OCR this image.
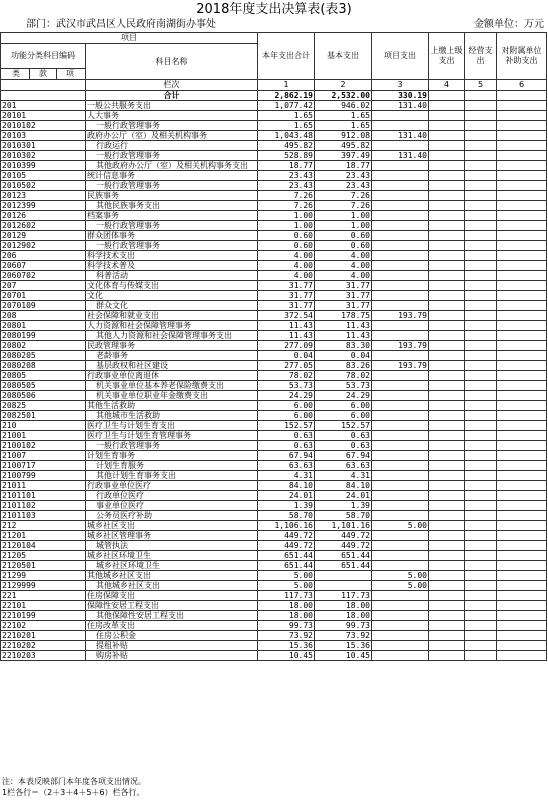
2018年度支出决算表(表3)
部门：武汉市武昌区人民政府南湖街办事处	金额单位：万元
项目		本年支出合计	基本支出	项目支出	上缴上级支出	经营支出	对附属单位补助支出
功能分类科目编码	科目名称						
类 款 项							
	栏次	1	2	3	4	5	6
	合计	2,862.19	2,532.00	330.19			
201	一般公共服务支出	1,077.42	946.02	131.40			
20101	人大事务	1.65	1.65				
2010102	一般行政管理事务	1.65	1.65				
20103	政府办公厅（室）及相关机构事务	1,043.48	912.08	131.40			
2010301	行政运行	495.82	495.82				
2010302	一般行政管理事务	528.89	397.49	131.40			
2010399	其他政府办公厅（室）及相关机构事务支出	18.77	18.77				
20105	统计信息事务	23.43	23.43				
2010502	一般行政管理事务	23.43	23.43				
20123	民族事务	7.26	7.26				
2012399	其他民族事务支出	7.26	7.26				
20126	档案事务	1.00	1.00				
2012602	一般行政管理事务	1.00	1.00				
20129	群众团体事务	0.60	0.60				
2012902	一般行政管理事务	0.60	0.60				
206	科学技术支出	4.00	4.00				
20607	科学技术普及	4.00	4.00				
2060702	科普活动	4.00	4.00				
207	文化体育与传媒支出	31.77	31.77				
20701	文化	31.77	31.77				
2070109	群众文化	31.77	31.77				
208	社会保障和就业支出	372.54	178.75	193.79			
20801	人力资源和社会保障管理事务	11.43	11.43				
2080199	其他人力资源和社会保障管理事务支出	11.43	11.43				
20802	民政管理事务	277.09	83.30	193.79			
2080205	老龄事务	0.04	0.04				
2080208	基层政权和社区建设	277.05	83.26	193.79			
20805	行政事业单位离退休	78.02	78.02				
2080505	机关事业单位基本养老保险缴费支出	53.73	53.73				
2080506	机关事业单位职业年金缴费支出	24.29	24.29				
20825	其他生活救助	6.00	6.00				
2082501	其他城市生活救助	6.00	6.00				
210	医疗卫生与计划生育支出	152.57	152.57				
21001	医疗卫生与计划生育管理事务	0.63	0.63				
2100102	一般行政管理事务	0.63	0.63				
21007	计划生育事务	67.94	67.94				
2100717	计划生育服务	63.63	63.63				
2100799	其他计划生育事务支出	4.31	4.31				
21011	行政事业单位医疗	84.10	84.10				
2101101	行政单位医疗	24.01	24.01				
2101102	事业单位医疗	1.39	1.39				
2101103	公务员医疗补助	58.70	58.70				
212	城乡社区支出	1,106.16	1,101.16	5.00			
21201	城乡社区管理事务	449.72	449.72				
2120104	城管执法	449.72	449.72				
21205	城乡社区环境卫生	651.44	651.44				
2120501	城乡社区环境卫生	651.44	651.44				
21299	其他城乡社区支出	5.00		5.00			
2129999	其他城乡社区支出	5.00		5.00			
221	住房保障支出	117.73	117.73				
22101	保障性安居工程支出	18.00	18.00				
2210199	其他保障性安居工程支出	18.00	18.00				
22102	住房改革支出	99.73	99.73				
2210201	住房公积金	73.92	73.92				
2210202	提租补贴	15.36	15.36				
2210203	购房补贴	10.45	10.45				
注：本表反映部门本年度各项支出情况。
1栏各行＝（2＋3＋4＋5＋6）栏各行。
